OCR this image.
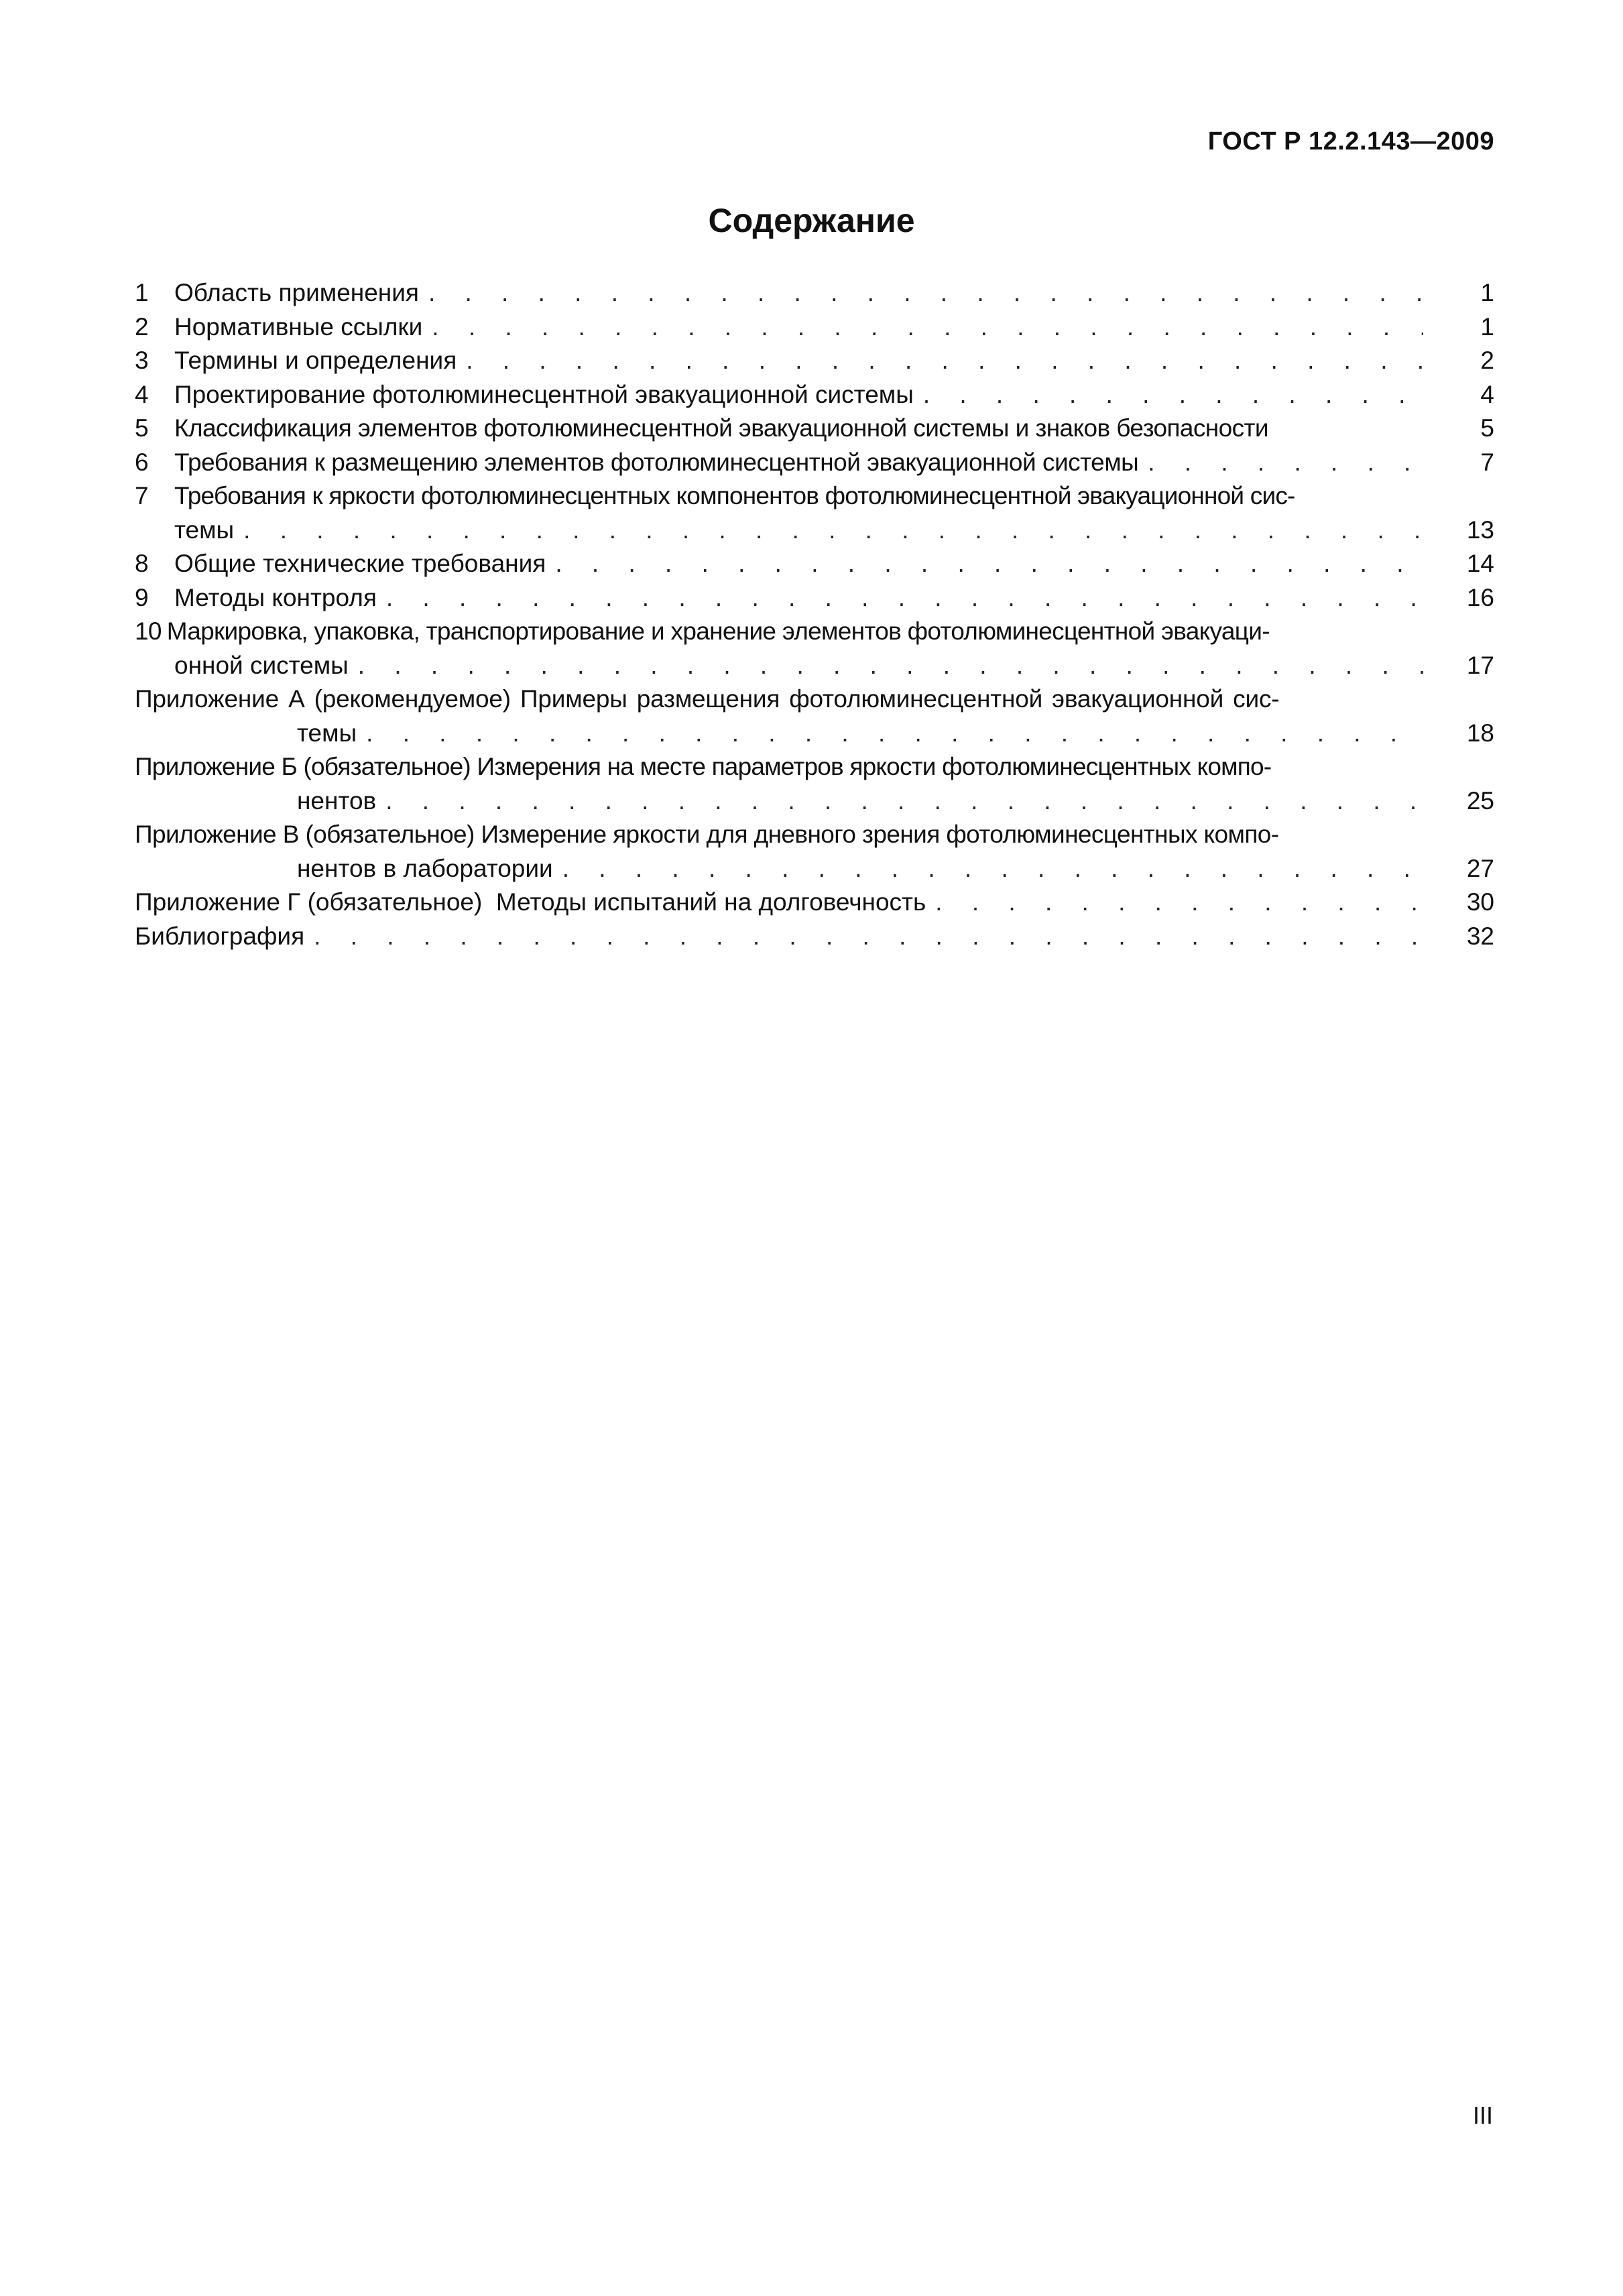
ГОСТ Р 12.2.143—2009
Содержание
1 Область применения . . .	1
2 Нормативные ссылки . . .	1
3 Термины и определения . . .	2
4 Проектирование фотолюминесцентной эвакуационной системы . . .	4
5 Классификация элементов фотолюминесцентной эвакуационной системы и знаков безопасности	5
6 Требования к размещению элементов фотолюминесцентной эвакуационной системы . . .	7
7 Требования к яркости фотолюминесцентных компонентов фотолюминесцентной эвакуационной сис-
темы . . .	13
8 Общие технические требования . . .	14
9 Методы контроля . . .	16
10 Маркировка, упаковка, транспортирование и хранение элементов фотолюминесцентной эвакуаци-
онной системы . . .	17
Приложение А (рекомендуемое) Примеры размещения фотолюминесцентной эвакуационной сис-
темы . . .	18
Приложение Б (обязательное) Измерения на месте параметров яркости фотолюминесцентных компо-
нентов . . .	25
Приложение В (обязательное) Измерение яркости для дневного зрения фотолюминесцентных компо-
нентов в лаборатории . . .	27
Приложение Г (обязательное)  Методы испытаний на долговечность . . .	30
Библиография . . .	32
III
